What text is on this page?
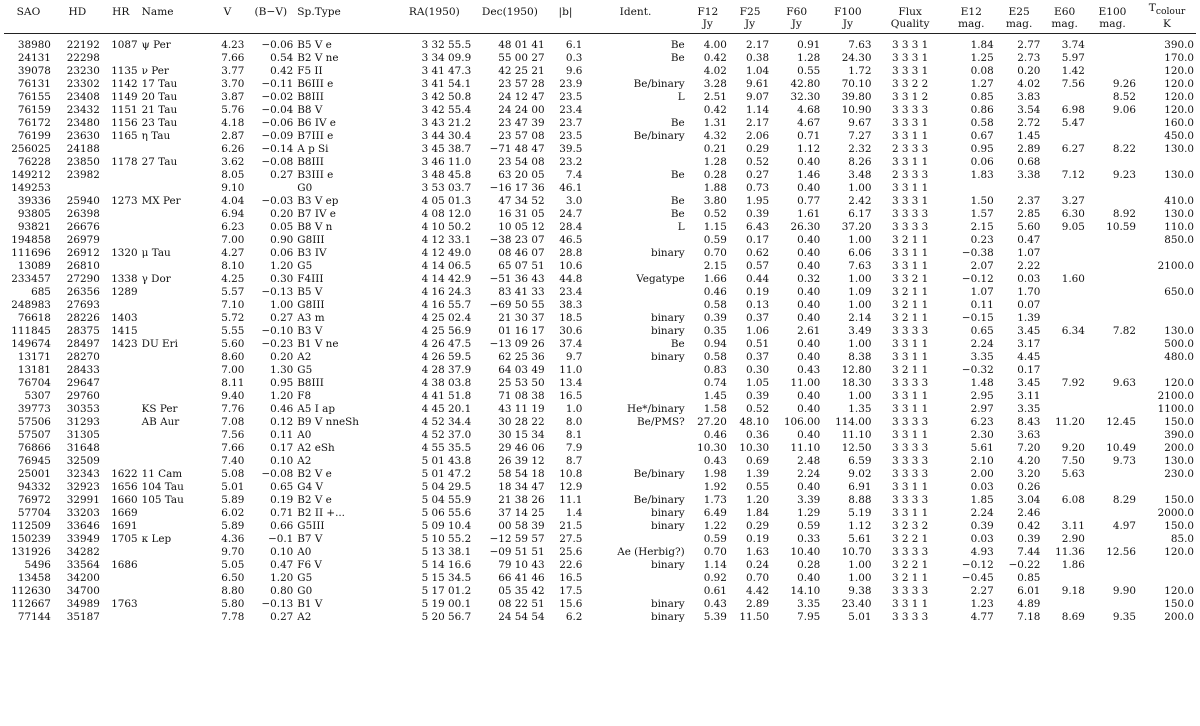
SAO	HD	HR	Name	V	(B−V)	Sp.Type	RA(1950)	Dec(1950)	|b|	Ident.	F12	F25	F60	F100	Flux	E12	E25	E60	E100	$T_{colour}$
											Jy	Jy	Jy	Jy	Quality	mag.	mag.	mag.	mag.	K

38980	22192	1087	ψ Per	4.23	−0.06	B5 V e	3 32 55.5	48 01 41	6.1	Be	4.00	2.17	0.91	7.63	3 3 3 1	1.84	2.77	3.74		390.0
24131	22298			7.66	0.54	B2 V ne	3 34 09.9	55 00 27	0.3	Be	0.42	0.38	1.28	24.30	3 3 3 1	1.25	2.73	5.97		170.0
39078	23230	1135	ν Per	3.77	0.42	F5 II	3 41 47.3	42 25 21	9.6		4.02	1.04	0.55	1.72	3 3 3 1	0.08	0.20	1.42		120.0
76131	23302	1142	17 Tau	3.70	−0.11	B6III e	3 41 54.1	23 57 28	23.9	Be/binary	3.28	9.61	42.80	70.10	3 3 2 2	1.27	4.02	7.56	9.26	120.0
76155	23408	1149	20 Tau	3.87	−0.02	B8III	3 42 50.8	24 12 47	23.5	L	2.51	9.07	32.30	39.80	3 3 1 2	0.85	3.83		8.52	120.0
76159	23432	1151	21 Tau	5.76	−0.04	B8 V	3 42 55.4	24 24 00	23.4		0.42	1.14	4.68	10.90	3 3 3 3	0.86	3.54	6.98	9.06	120.0
76172	23480	1156	23 Tau	4.18	−0.06	B6 IV e	3 43 21.2	23 47 39	23.7	Be	1.31	2.17	4.67	9.67	3 3 3 1	0.58	2.72	5.47		160.0
76199	23630	1165	η Tau	2.87	−0.09	B7III e	3 44 30.4	23 57 08	23.5	Be/binary	4.32	2.06	0.71	7.27	3 3 1 1	0.67	1.45			450.0
256025	24188			6.26	−0.14	A p Si	3 45 38.7	−71 48 47	39.5		0.21	0.29	1.12	2.32	2 3 3 3	0.95	2.89	6.27	8.22	130.0
76228	23850	1178	27 Tau	3.62	−0.08	B8III	3 46 11.0	23 54 08	23.2		1.28	0.52	0.40	8.26	3 3 1 1	0.06	0.68			
149212	23982			8.05	0.27	B3III e	3 48 45.8	63 20 05	7.4	Be	0.28	0.27	1.46	3.48	2 3 3 3	1.83	3.38	7.12	9.23	130.0
149253				9.10		G0	3 53 03.7	−16 17 36	46.1		1.88	0.73	0.40	1.00	3 3 1 1					
39336	25940	1273	MX Per	4.04	−0.03	B3 V ep	4 05 01.3	47 34 52	3.0	Be	3.80	1.95	0.77	2.42	3 3 3 1	1.50	2.37	3.27		410.0
93805	26398			6.94	0.20	B7 IV e	4 08 12.0	16 31 05	24.7	Be	0.52	0.39	1.61	6.17	3 3 3 3	1.57	2.85	6.30	8.92	130.0
93821	26676			6.23	0.05	B8 V n	4 10 50.2	10 05 12	28.4	L	1.15	6.43	26.30	37.20	3 3 3 3	2.15	5.60	9.05	10.59	110.0
194858	26979			7.00	0.90	G8III	4 12 33.1	−38 23 07	46.5		0.59	0.17	0.40	1.00	3 2 1 1	0.23	0.47			850.0
111696	26912	1320	μ Tau	4.27	0.06	B3 IV	4 12 49.0	08 46 07	28.8	binary	0.70	0.62	0.40	6.06	3 3 1 1	−0.38	1.07			
13089	26810			8.10	1.20	G5	4 14 06.5	65 07 51	10.6		2.15	0.57	0.40	7.63	3 3 1 1	2.07	2.22			2100.0
233457	27290	1338	γ Dor	4.25	0.30	F4III	4 14 42.9	−51 36 43	44.8	Vegatype	1.66	0.44	0.32	1.00	3 3 2 1	−0.12	0.03	1.60		
685	26356	1289		5.57	−0.13	B5 V	4 16 24.3	83 41 33	23.4		0.46	0.19	0.40	1.09	3 2 1 1	1.07	1.70			650.0
248983	27693			7.10	1.00	G8III	4 16 55.7	−69 50 55	38.3		0.58	0.13	0.40	1.00	3 2 1 1	0.11	0.07			
76618	28226	1403		5.72	0.27	A3 m	4 25 02.4	21 30 37	18.5	binary	0.39	0.37	0.40	2.14	3 2 1 1	−0.15	1.39			
111845	28375	1415		5.55	−0.10	B3 V	4 25 56.9	01 16 17	30.6	binary	0.35	1.06	2.61	3.49	3 3 3 3	0.65	3.45	6.34	7.82	130.0
149674	28497	1423	DU Eri	5.60	−0.23	B1 V ne	4 26 47.5	−13 09 26	37.4	Be	0.94	0.51	0.40	1.00	3 3 1 1	2.24	3.17			500.0
13171	28270			8.60	0.20	A2	4 26 59.5	62 25 36	9.7	binary	0.58	0.37	0.40	8.38	3 3 1 1	3.35	4.45			480.0
13181	28433			7.00	1.30	G5	4 28 37.9	64 03 49	11.0		0.83	0.30	0.43	12.80	3 2 1 1	−0.32	0.17			
76704	29647			8.11	0.95	B8III	4 38 03.8	25 53 50	13.4		0.74	1.05	11.00	18.30	3 3 3 3	1.48	3.45	7.92	9.63	120.0
5307	29760			9.40	1.20	F8	4 41 51.8	71 08 38	16.5		1.45	0.39	0.40	1.00	3 3 1 1	2.95	3.11			2100.0
39773	30353		KS Per	7.76	0.46	A5 I ap	4 45 20.1	43 11 19	1.0	He*/binary	1.58	0.52	0.40	1.35	3 3 1 1	2.97	3.35			1100.0
57506	31293		AB Aur	7.08	0.12	B9 V nneSh	4 52 34.4	30 28 22	8.0	Be/PMS?	27.20	48.10	106.00	114.00	3 3 3 3	6.23	8.43	11.20	12.45	150.0
57507	31305			7.56	0.11	A0	4 52 37.0	30 15 34	8.1		0.46	0.36	0.40	11.10	3 3 1 1	2.30	3.63			390.0
76866	31648			7.66	0.17	A2 eSh	4 55 35.5	29 46 06	7.9		10.30	10.30	11.10	12.50	3 3 3 3	5.61	7.20	9.20	10.49	200.0
76945	32509			7.40	0.10	A2	5 01 43.8	26 39 12	8.7		0.43	0.69	2.48	6.59	3 3 3 3	2.10	4.20	7.50	9.73	130.0
25001	32343	1622	11 Cam	5.08	−0.08	B2 V e	5 01 47.2	58 54 18	10.8	Be/binary	1.98	1.39	2.24	9.02	3 3 3 3	2.00	3.20	5.63		230.0
94332	32923	1656	104 Tau	5.01	0.65	G4 V	5 04 29.5	18 34 47	12.9		1.92	0.55	0.40	6.91	3 3 1 1	0.03	0.26			
76972	32991	1660	105 Tau	5.89	0.19	B2 V e	5 04 55.9	21 38 26	11.1	Be/binary	1.73	1.20	3.39	8.88	3 3 3 3	1.85	3.04	6.08	8.29	150.0
57704	33203	1669		6.02	0.71	B2 II +...	5 06 55.6	37 14 25	1.4	binary	6.49	1.84	1.29	5.19	3 3 1 1	2.24	2.46			2000.0
112509	33646	1691		5.89	0.66	G5III	5 09 10.4	00 58 39	21.5	binary	1.22	0.29	0.59	1.12	3 2 3 2	0.39	0.42	3.11	4.97	150.0
150239	33949	1705	κ Lep	4.36	−0.1	B7 V	5 10 55.2	−12 59 57	27.5		0.59	0.19	0.33	5.61	3 2 2 1	0.03	0.39	2.90		85.0
131926	34282			9.70	0.10	A0	5 13 38.1	−09 51 51	25.6	Ae (Herbig?)	0.70	1.63	10.40	10.70	3 3 3 3	4.93	7.44	11.36	12.56	120.0
5496	33564	1686		5.05	0.47	F6 V	5 14 16.6	79 10 43	22.6	binary	1.14	0.24	0.28	1.00	3 2 2 1	−0.12	−0.22	1.86		
13458	34200			6.50	1.20	G5	5 15 34.5	66 41 46	16.5		0.92	0.70	0.40	1.00	3 2 1 1	−0.45	0.85			
112630	34700			8.80	0.80	G0	5 17 01.2	05 35 42	17.5		0.61	4.42	14.10	9.38	3 3 3 3	2.27	6.01	9.18	9.90	120.0
112667	34989	1763		5.80	−0.13	B1 V	5 19 00.1	08 22 51	15.6	binary	0.43	2.89	3.35	23.40	3 3 1 1	1.23	4.89			150.0
77144	35187			7.78	0.27	A2	5 20 56.7	24 54 54	6.2	binary	5.39	11.50	7.95	5.01	3 3 3 3	4.77	7.18	8.69	9.35	200.0
